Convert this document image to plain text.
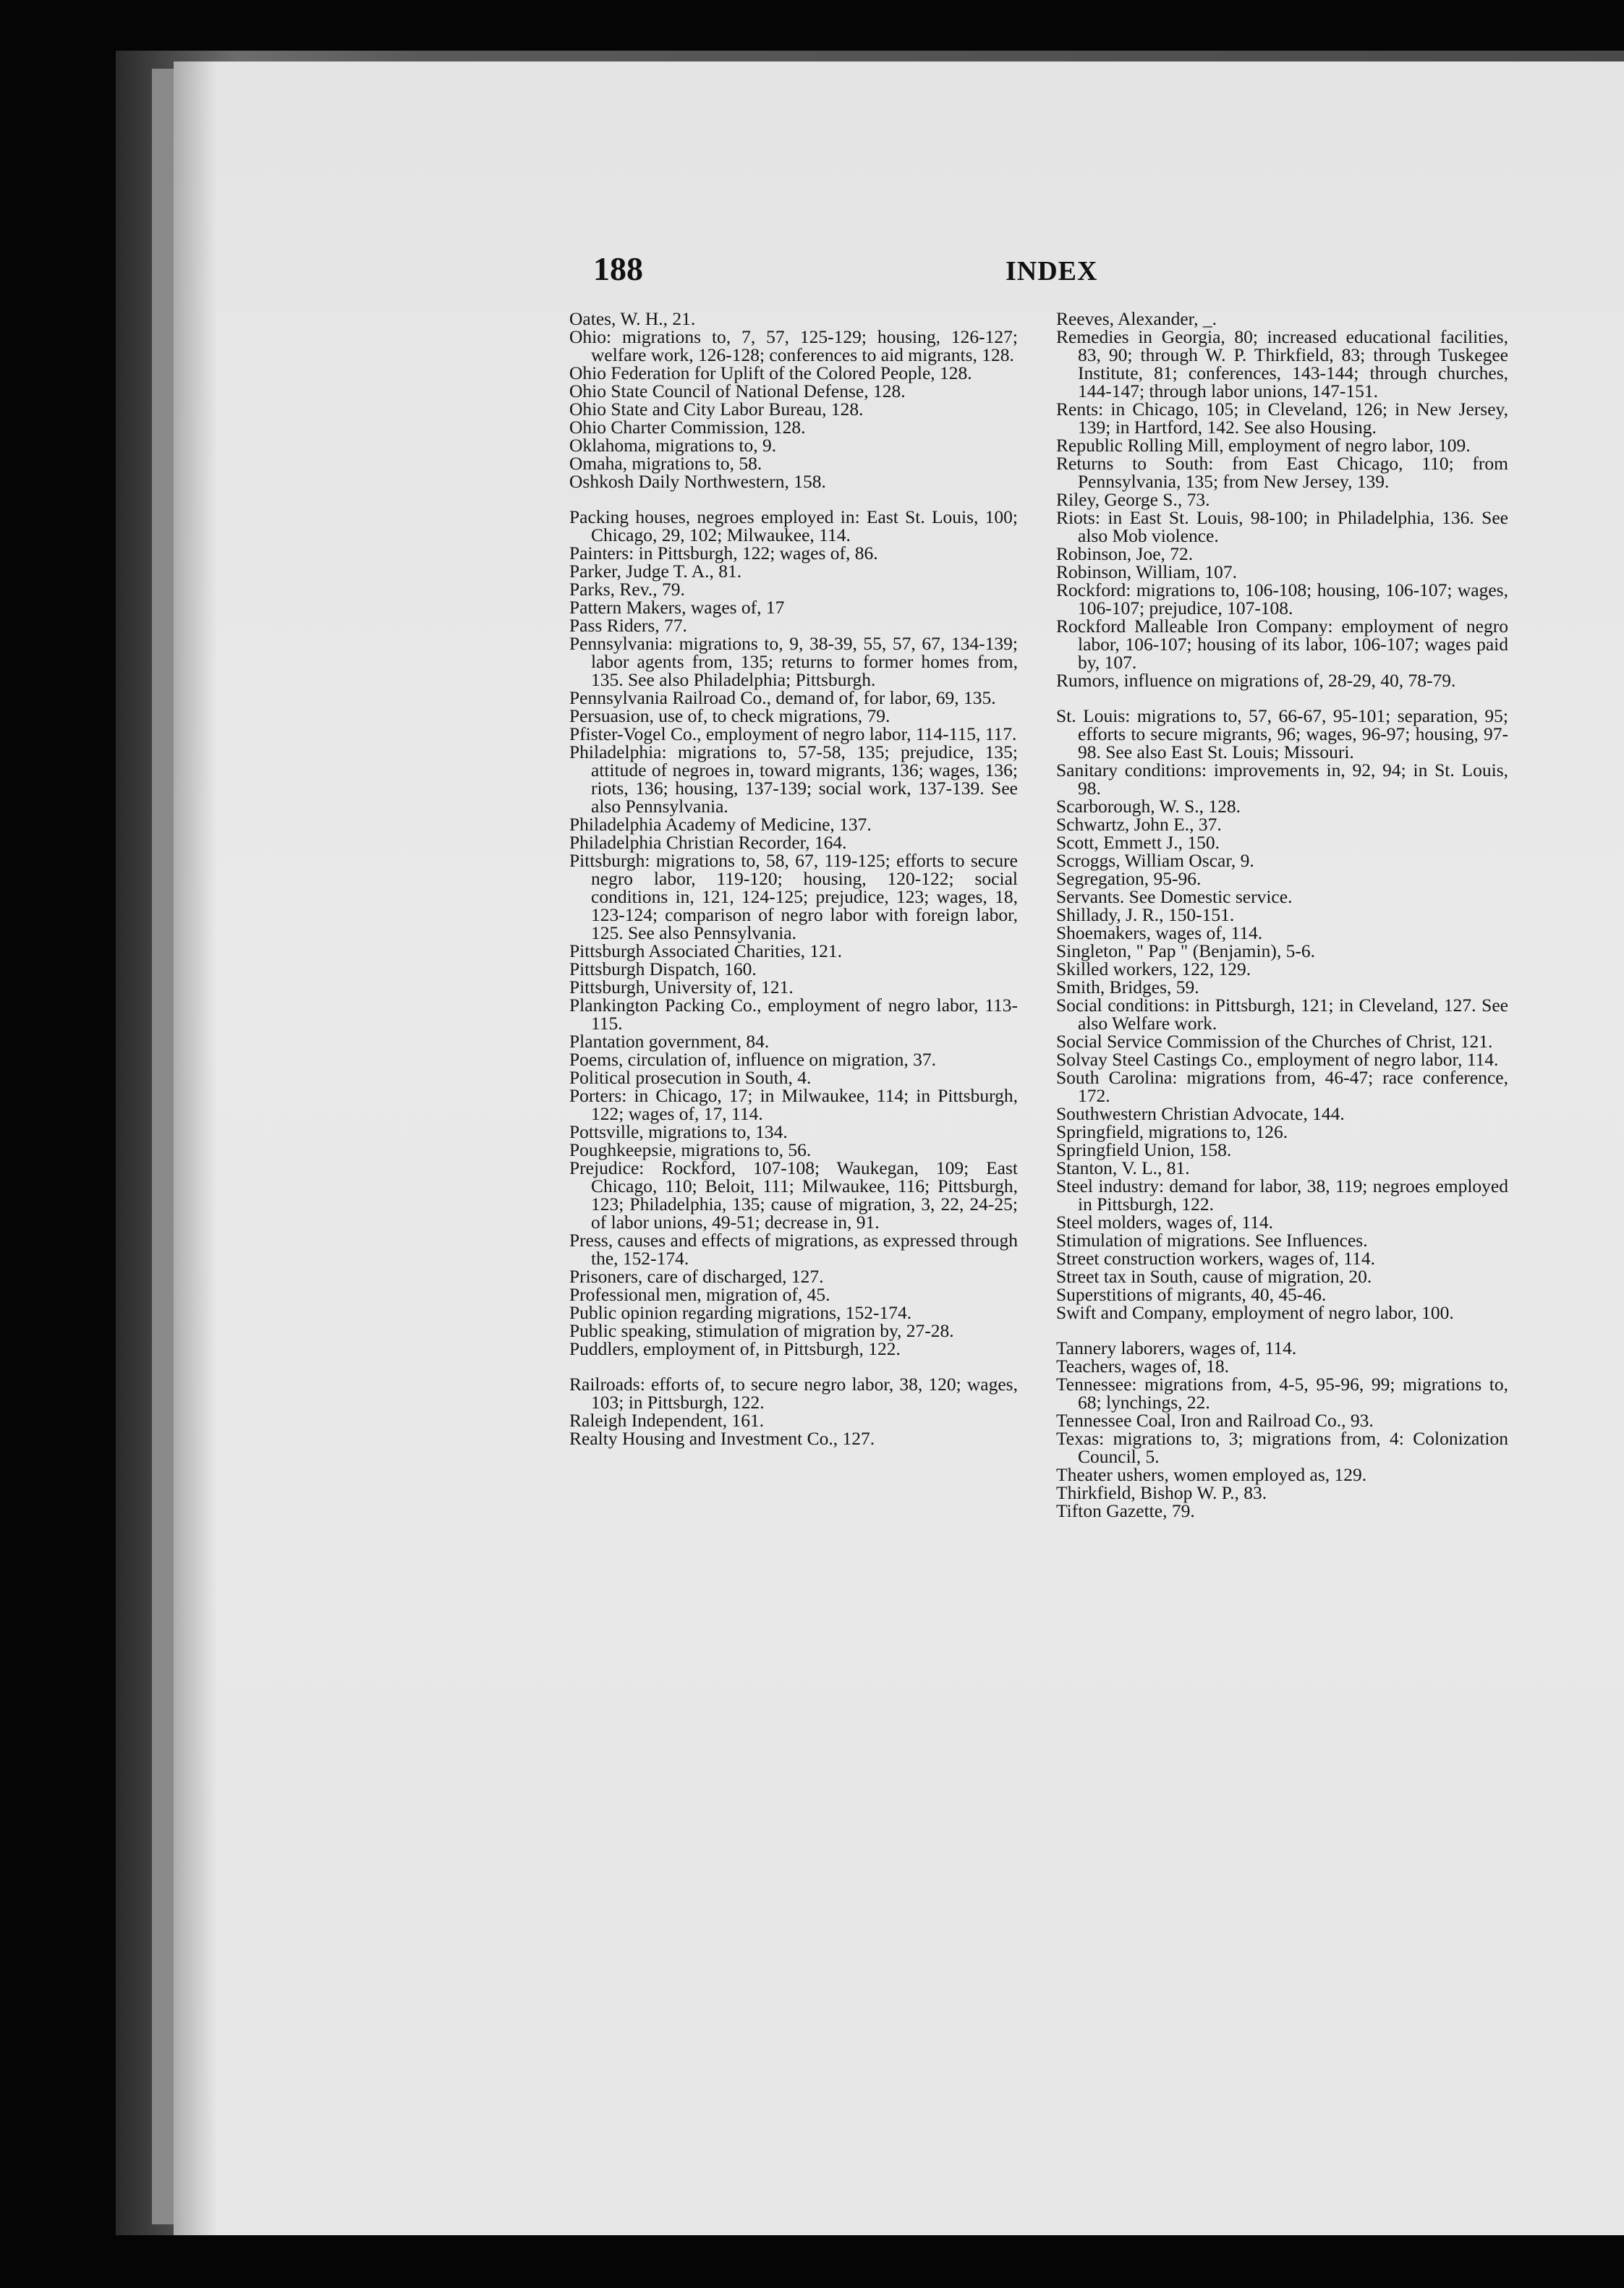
188	INDEX

Oates, W. H., 21.

Ohio: migrations to, 7, 57, 125-129; housing, 126-127; welfare work, 126-128; conferences to aid migrants, 128.

Ohio Federation for Uplift of the Colored People, 128.

Ohio State Council of National Defense, 128.

Ohio State and City Labor Bureau, 128.

Ohio Charter Commission, 128.

Oklahoma, migrations to, 9.

Omaha, migrations to, 58.

Oshkosh Daily Northwestern, 158.

Packing houses, negroes employed in: East St. Louis, 100; Chicago, 29, 102; Milwaukee, 114.

Painters: in Pittsburgh, 122; wages of, 86.

Parker, Judge T. A., 81.

Parks, Rev., 79.

Pattern Makers, wages of, 17

Pass Riders, 77.

Pennsylvania: migrations to, 9, 38-39, 55, 57, 67, 134-139; labor agents from, 135; returns to former homes from, 135. See also Philadelphia; Pittsburgh.

Pennsylvania Railroad Co., demand of, for labor, 69, 135.

Persuasion, use of, to check migrations, 79.

Pfister-Vogel Co., employment of negro labor, 114-115, 117.

Philadelphia: migrations to, 57-58, 135; prejudice, 135; attitude of negroes in, toward migrants, 136; wages, 136; riots, 136; housing, 137-139; social work, 137-139. See also Pennsylvania.

Philadelphia Academy of Medicine, 137.

Philadelphia Christian Recorder, 164.

Pittsburgh: migrations to, 58, 67, 119-125; efforts to secure negro labor, 119-120; housing, 120-122; social conditions in, 121, 124-125; prejudice, 123; wages, 18, 123-124; comparison of negro labor with foreign labor, 125. See also Pennsylvania.

Pittsburgh Associated Charities, 121.

Pittsburgh Dispatch, 160.

Pittsburgh, University of, 121.

Plankington Packing Co., employment of negro labor, 113-115.

Plantation government, 84.

Poems, circulation of, influence on migration, 37.

Political prosecution in South, 4.

Porters: in Chicago, 17; in Milwaukee, 114; in Pittsburgh, 122; wages of, 17, 114.

Pottsville, migrations to, 134.

Poughkeepsie, migrations to, 56.

Prejudice: Rockford, 107-108; Waukegan, 109; East Chicago, 110; Beloit, 111; Milwaukee, 116; Pittsburgh, 123; Philadelphia, 135; cause of migration, 3, 22, 24-25; of labor unions, 49-51; decrease in, 91.

Press, causes and effects of migrations, as expressed through the, 152-174.

Prisoners, care of discharged, 127.

Professional men, migration of, 45.

Public opinion regarding migrations, 152-174.

Public speaking, stimulation of migration by, 27-28.

Puddlers, employment of, in Pittsburgh, 122.

Railroads: efforts of, to secure negro labor, 38, 120; wages, 103; in Pittsburgh, 122.

Raleigh Independent, 161.

Realty Housing and Investment Co., 127.

Reeves, Alexander, _.

Remedies in Georgia, 80; increased educational facilities, 83, 90; through W. P. Thirkfield, 83; through Tuskegee Institute, 81; conferences, 143-144; through churches, 144-147; through labor unions, 147-151.

Rents: in Chicago, 105; in Cleveland, 126; in New Jersey, 139; in Hartford, 142. See also Housing.

Republic Rolling Mill, employment of negro labor, 109.

Returns to South: from East Chicago, 110; from Pennsylvania, 135; from New Jersey, 139.

Riley, George S., 73.

Riots: in East St. Louis, 98-100; in Philadelphia, 136. See also Mob violence.

Robinson, Joe, 72.

Robinson, William, 107.

Rockford: migrations to, 106-108; housing, 106-107; wages, 106-107; prejudice, 107-108.

Rockford Malleable Iron Company: employment of negro labor, 106-107; housing of its labor, 106-107; wages paid by, 107.

Rumors, influence on migrations of, 28-29, 40, 78-79.

St. Louis: migrations to, 57, 66-67, 95-101; separation, 95; efforts to secure migrants, 96; wages, 96-97; housing, 97-98. See also East St. Louis; Missouri.

Sanitary conditions: improvements in, 92, 94; in St. Louis, 98.

Scarborough, W. S., 128.

Schwartz, John E., 37.

Scott, Emmett J., 150.

Scroggs, William Oscar, 9.

Segregation, 95-96.

Servants. See Domestic service.

Shillady, J. R., 150-151.

Shoemakers, wages of, 114.

Singleton, " Pap " (Benjamin), 5-6.

Skilled workers, 122, 129.

Smith, Bridges, 59.

Social conditions: in Pittsburgh, 121; in Cleveland, 127. See also Welfare work.

Social Service Commission of the Churches of Christ, 121.

Solvay Steel Castings Co., employment of negro labor, 114.

South Carolina: migrations from, 46-47; race conference, 172.

Southwestern Christian Advocate, 144.

Springfield, migrations to, 126.

Springfield Union, 158.

Stanton, V. L., 81.

Steel industry: demand for labor, 38, 119; negroes employed in Pittsburgh, 122.

Steel molders, wages of, 114.

Stimulation of migrations. See Influences.

Street construction workers, wages of, 114.

Street tax in South, cause of migration, 20.

Superstitions of migrants, 40, 45-46.

Swift and Company, employment of negro labor, 100.

Tannery laborers, wages of, 114.

Teachers, wages of, 18.

Tennessee: migrations from, 4-5, 95-96, 99; migrations to, 68; lynchings, 22.

Tennessee Coal, Iron and Railroad Co., 93.

Texas: migrations to, 3; migrations from, 4: Colonization Council, 5.

Theater ushers, women employed as, 129.

Thirkfield, Bishop W. P., 83.

Tifton Gazette, 79.
